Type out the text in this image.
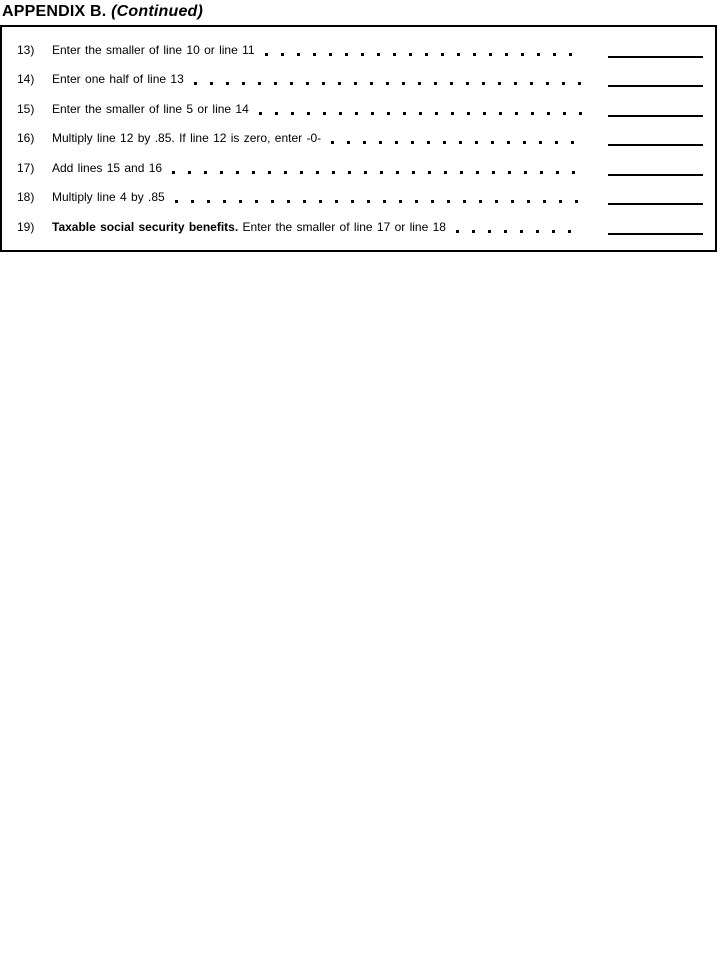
APPENDIX B. (Continued)
13)	Enter the smaller of line 10 or line 11
14)	Enter one half of line 13
15)	Enter the smaller of line 5 or line 14
16)	Multiply line 12 by .85. If line 12 is zero, enter -0-
17)	Add lines 15 and 16
18)	Multiply line 4 by .85
19)	Taxable social security benefits. Enter the smaller of line 17 or line 18
